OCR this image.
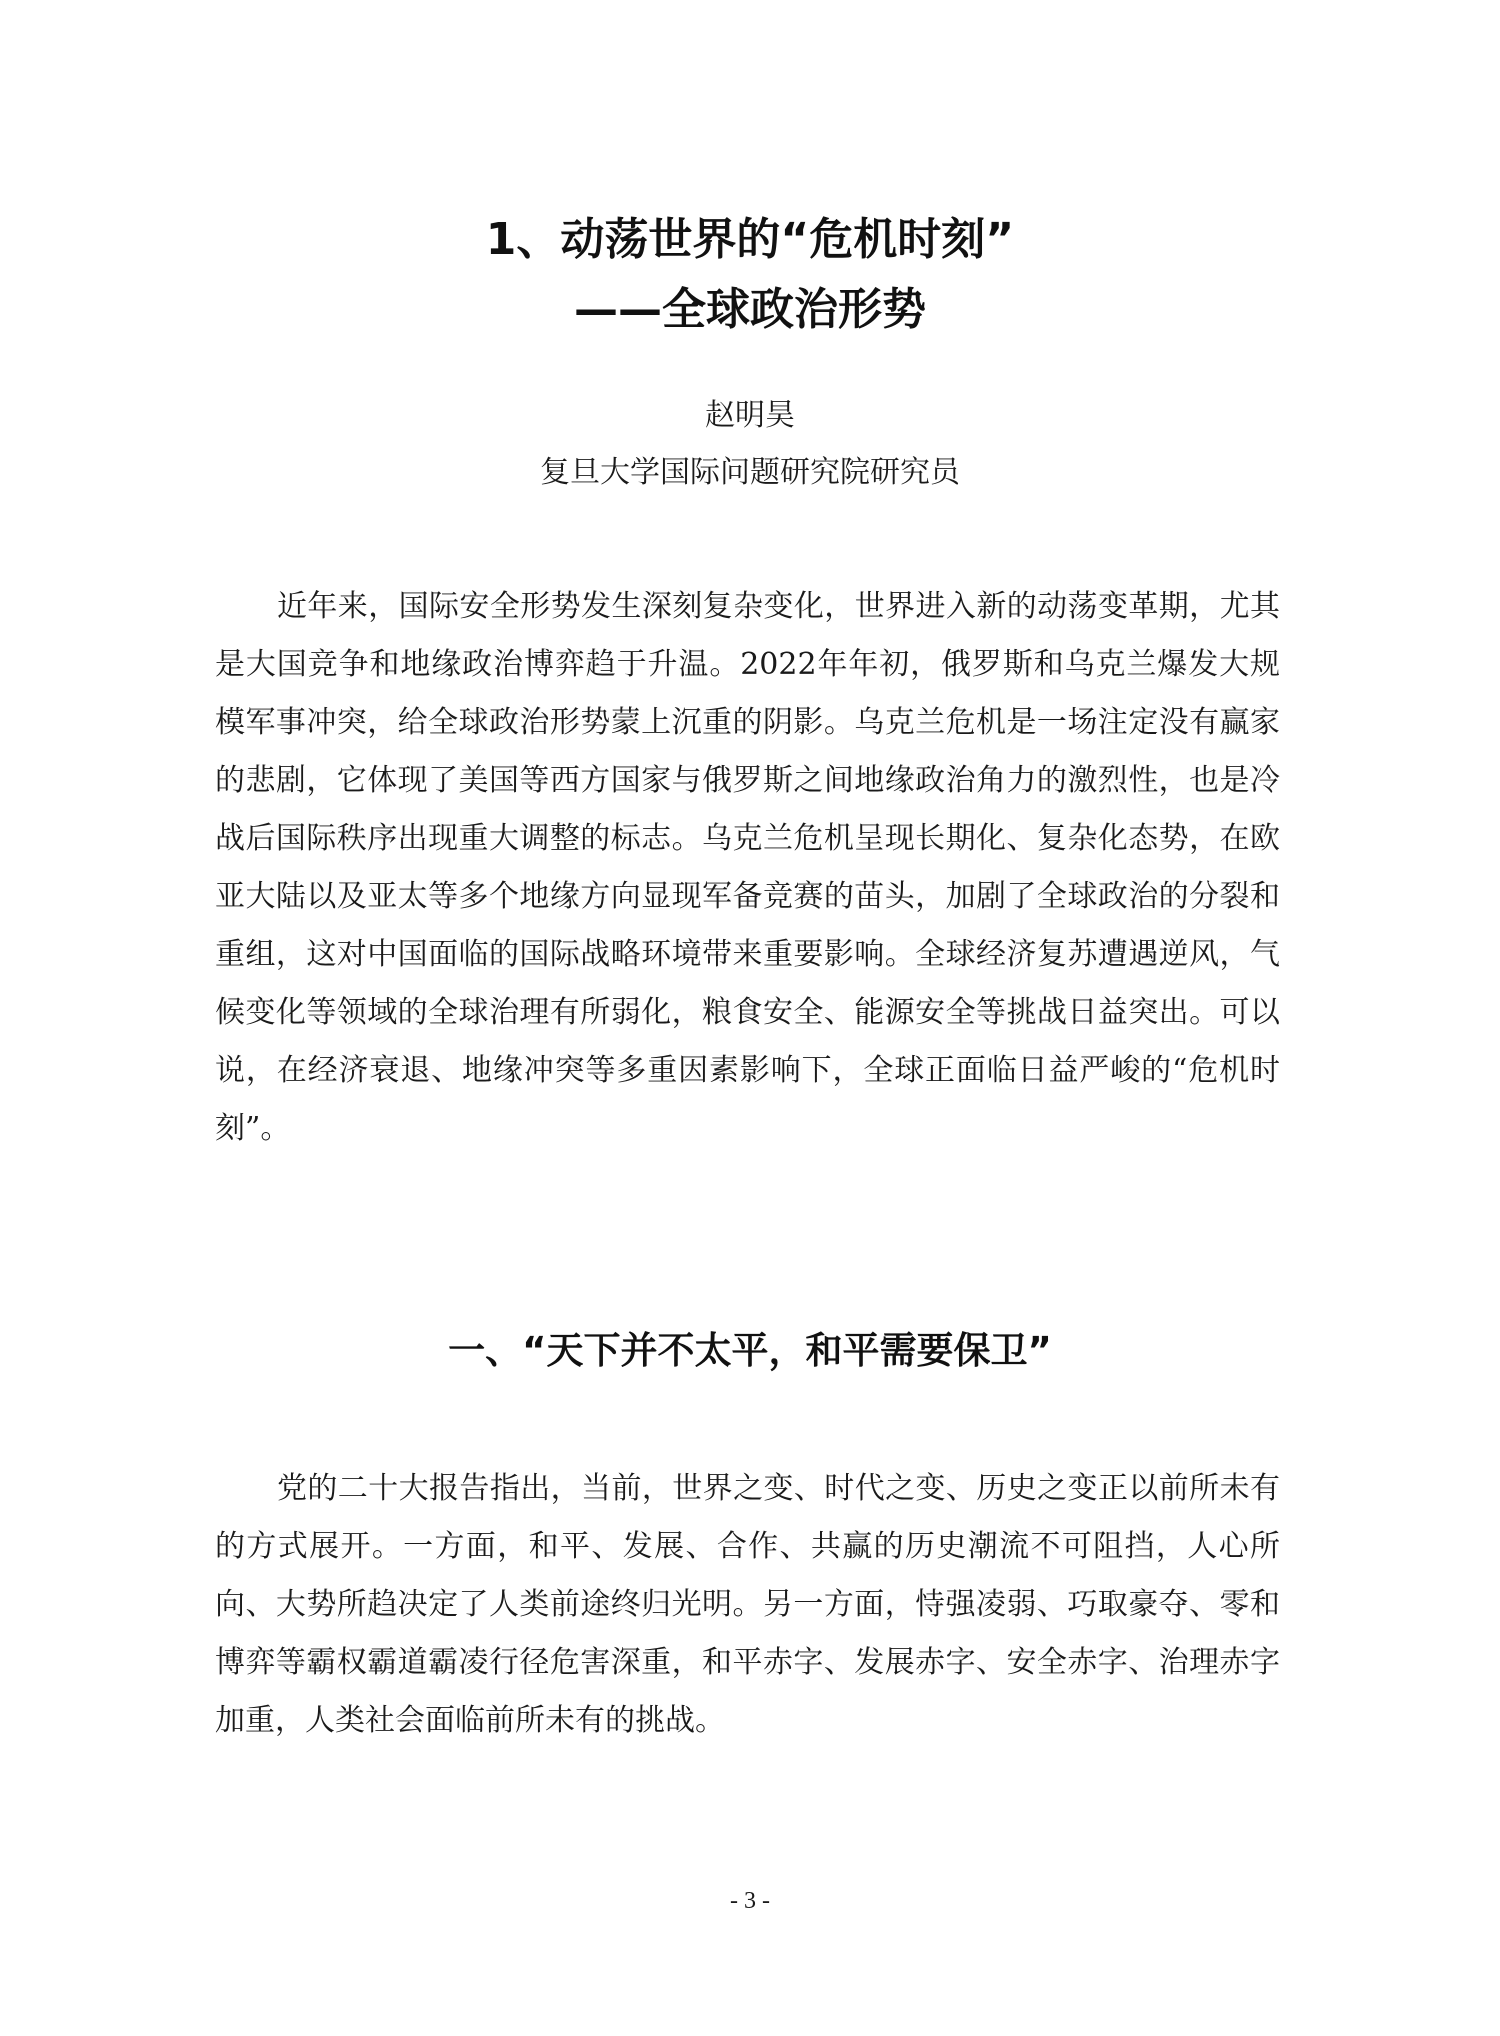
1、动荡世界的“危机时刻”
——全球政治形势
赵明昊
复旦大学国际问题研究院研究员

近年来，国际安全形势发生深刻复杂变化，世界进入新的动荡变革期，尤其是大国竞争和地缘政治博弈趋于升温。2022年年初，俄罗斯和乌克兰爆发大规模军事冲突，给全球政治形势蒙上沉重的阴影。乌克兰危机是一场注定没有赢家的悲剧，它体现了美国等西方国家与俄罗斯之间地缘政治角力的激烈性，也是冷战后国际秩序出现重大调整的标志。乌克兰危机呈现长期化、复杂化态势，在欧亚大陆以及亚太等多个地缘方向显现军备竞赛的苗头，加剧了全球政治的分裂和重组，这对中国面临的国际战略环境带来重要影响。全球经济复苏遭遇逆风，气候变化等领域的全球治理有所弱化，粮食安全、能源安全等挑战日益突出。可以说，在经济衰退、地缘冲突等多重因素影响下，全球正面临日益严峻的“危机时刻”。

一、“天下并不太平，和平需要保卫”

党的二十大报告指出，当前，世界之变、时代之变、历史之变正以前所未有的方式展开。一方面，和平、发展、合作、共赢的历史潮流不可阻挡，人心所向、大势所趋决定了人类前途终归光明。另一方面，恃强凌弱、巧取豪夺、零和博弈等霸权霸道霸凌行径危害深重，和平赤字、发展赤字、安全赤字、治理赤字加重，人类社会面临前所未有的挑战。

- 3 -
